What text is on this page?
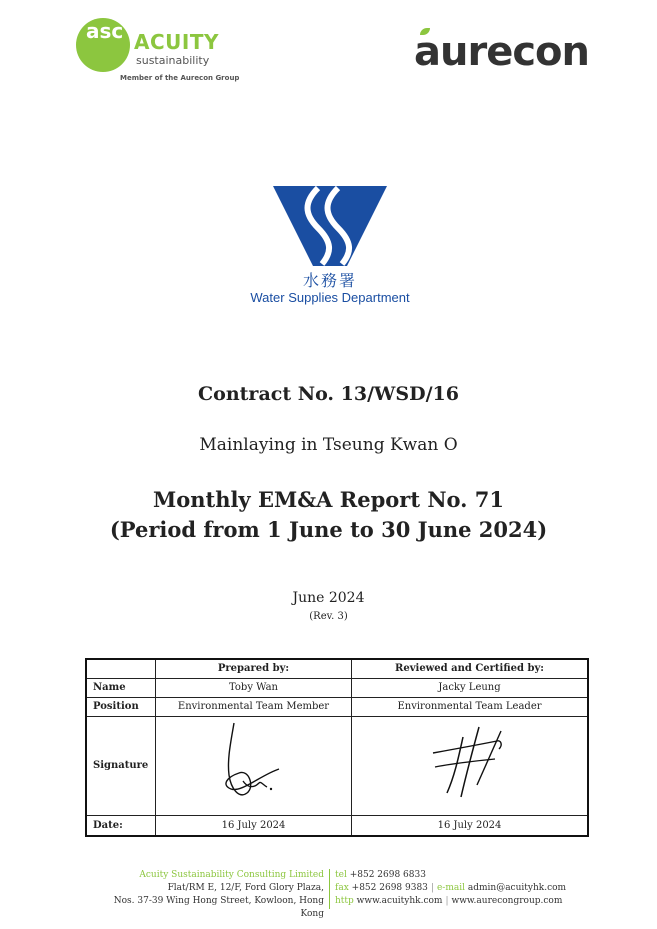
asc ACUITY
sustainability
Member of the Aurecon Group
aurecon
水務署
Water Supplies Department
Contract No. 13/WSD/16
Mainlaying in Tseung Kwan O
Monthly EM&A Report No. 71
(Period from 1 June to 30 June 2024)
June 2024
(Rev. 3)
	Prepared by:	Reviewed and Certified by:
Name	Toby Wan	Jacky Leung
Position	Environmental Team Member	Environmental Team Leader
Signature		
Date:	16 July 2024	16 July 2024
Acuity Sustainability Consulting Limited
Flat/RM E, 12/F, Ford Glory Plaza,
Nos. 37-39 Wing Hong Street, Kowloon, Hong Kong
tel +852 2698 6833
fax +852 2698 9383 | e-mail admin@acuityhk.com
http www.acuityhk.com | www.aurecongroup.com
